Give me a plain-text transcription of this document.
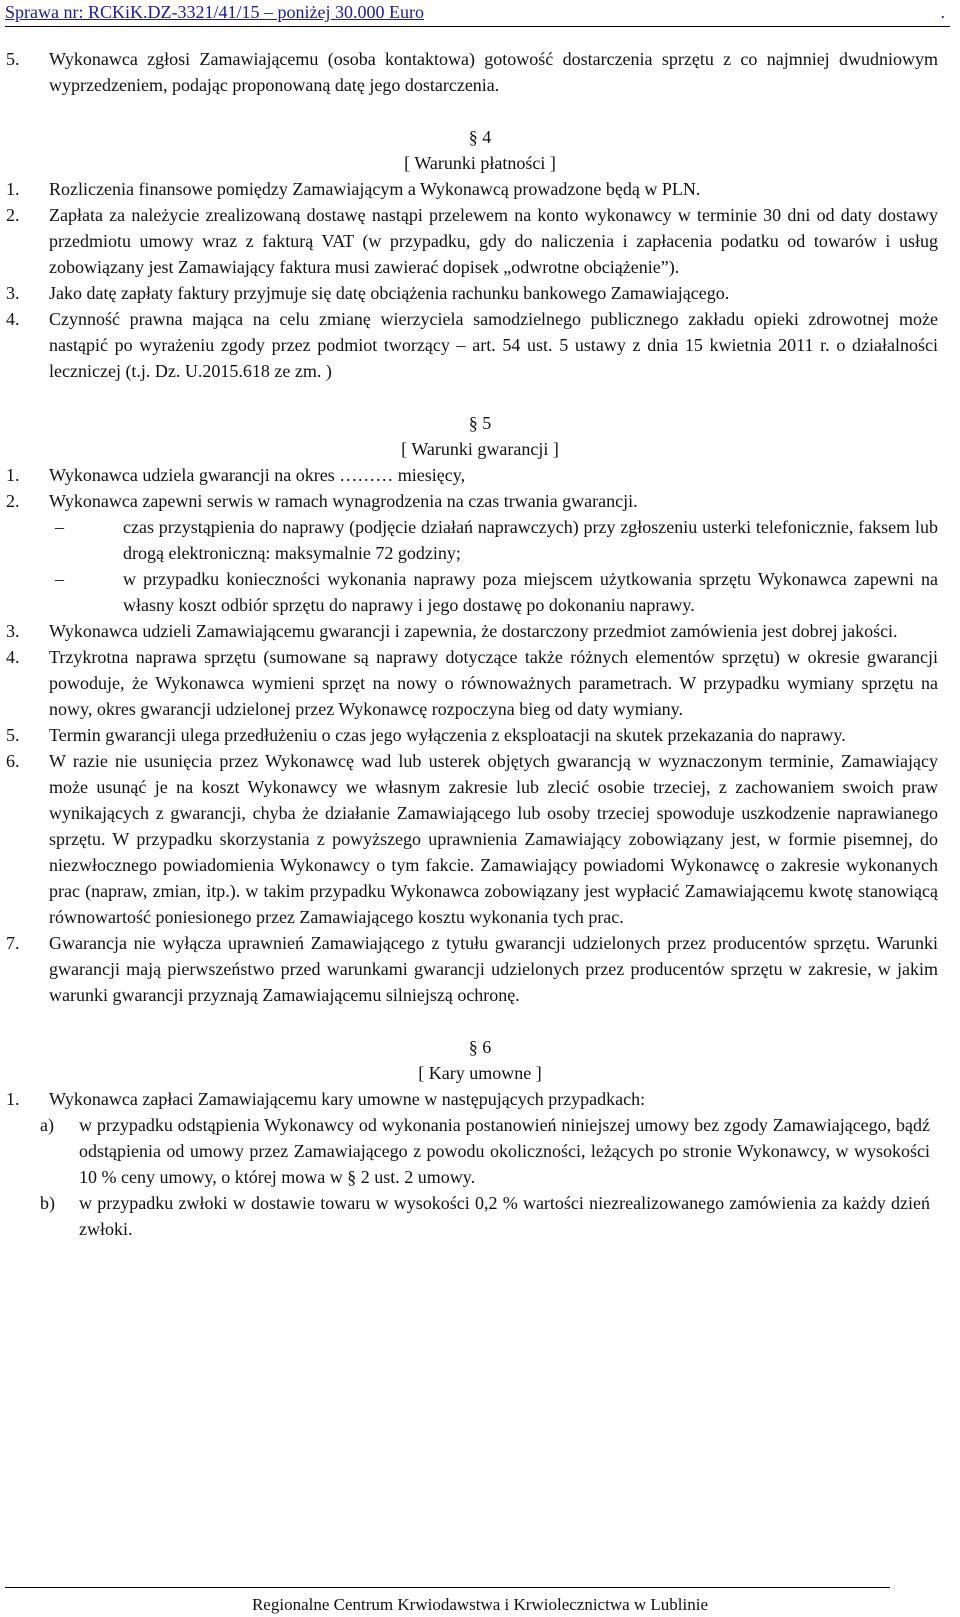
Sprawa nr: RCKiK.DZ-3321/41/15 – poniżej 30.000 Euro	.
5. Wykonawca zgłosi Zamawiającemu (osoba kontaktowa) gotowość dostarczenia sprzętu z co najmniej dwudniowym wyprzedzeniem, podając proponowaną datę jego dostarczenia.
§ 4
[ Warunki płatności ]
1. Rozliczenia finansowe pomiędzy Zamawiającym a Wykonawcą prowadzone będą w PLN.
2. Zapłata za należycie zrealizowaną dostawę nastąpi przelewem na konto wykonawcy w terminie 30 dni od daty dostawy przedmiotu umowy wraz z fakturą VAT (w przypadku, gdy do naliczenia i zapłacenia podatku od towarów i usług zobowiązany jest Zamawiający faktura musi zawierać dopisek „odwrotne obciążenie”).
3. Jako datę zapłaty faktury przyjmuje się datę obciążenia rachunku bankowego Zamawiającego.
4. Czynność prawna mająca na celu zmianę wierzyciela samodzielnego publicznego zakładu opieki zdrowotnej może nastąpić po wyrażeniu zgody przez podmiot tworzący – art. 54 ust. 5 ustawy z dnia 15 kwietnia 2011 r. o działalności leczniczej (t.j. Dz. U.2015.618 ze zm. )
§ 5
[ Warunki gwarancji ]
1. Wykonawca udziela gwarancji na okres ……… miesięcy,
2. Wykonawca zapewni serwis w ramach wynagrodzenia na czas trwania gwarancji.
–	czas przystąpienia do naprawy (podjęcie działań naprawczych) przy zgłoszeniu usterki telefonicznie, faksem lub drogą elektroniczną: maksymalnie 72 godziny;
–	w przypadku konieczności wykonania naprawy poza miejscem użytkowania sprzętu Wykonawca zapewni na własny koszt odbiór sprzętu do naprawy i jego dostawę po dokonaniu naprawy.
3. Wykonawca udzieli Zamawiającemu gwarancji i zapewnia, że dostarczony przedmiot zamówienia jest dobrej jakości.
4. Trzykrotna naprawa sprzętu (sumowane są naprawy dotyczące także różnych elementów sprzętu) w okresie gwarancji powoduje, że Wykonawca wymieni sprzęt na nowy o równoważnych parametrach. W przypadku wymiany sprzętu na nowy, okres gwarancji udzielonej przez Wykonawcę rozpoczyna bieg od daty wymiany.
5. Termin gwarancji ulega przedłużeniu o czas jego wyłączenia z eksploatacji na skutek przekazania do naprawy.
6. W razie nie usunięcia przez Wykonawcę wad lub usterek objętych gwarancją w wyznaczonym terminie, Zamawiający może usunąć je na koszt Wykonawcy we własnym zakresie lub zlecić osobie trzeciej, z zachowaniem swoich praw wynikających z gwarancji, chyba że działanie Zamawiającego lub osoby trzeciej spowoduje uszkodzenie naprawianego sprzętu. W przypadku skorzystania z powyższego uprawnienia Zamawiający zobowiązany jest, w formie pisemnej, do niezwłocznego powiadomienia Wykonawcy o tym fakcie. Zamawiający powiadomi Wykonawcę o zakresie wykonanych prac (napraw, zmian, itp.). w takim przypadku Wykonawca zobowiązany jest wypłacić Zamawiającemu kwotę stanowiącą równowartość poniesionego przez Zamawiającego kosztu wykonania tych prac.
7. Gwarancja nie wyłącza uprawnień Zamawiającego z tytułu gwarancji udzielonych przez producentów sprzętu. Warunki gwarancji mają pierwszeństwo przed warunkami gwarancji udzielonych przez producentów sprzętu w zakresie, w jakim warunki gwarancji przyznają Zamawiającemu silniejszą ochronę.
§ 6
[ Kary umowne ]
1. Wykonawca zapłaci Zamawiającemu kary umowne w następujących przypadkach:
a) w przypadku odstąpienia Wykonawcy od wykonania postanowień niniejszej umowy bez zgody Zamawiającego, bądź odstąpienia od umowy przez Zamawiającego z powodu okoliczności, leżących po stronie Wykonawcy, w wysokości 10 % ceny umowy, o której mowa w § 2 ust. 2 umowy.
b) w przypadku zwłoki w dostawie towaru w wysokości 0,2 % wartości niezrealizowanego zamówienia za każdy dzień zwłoki.
Regionalne Centrum Krwiodawstwa i Krwiolecznictwa w Lublinie
